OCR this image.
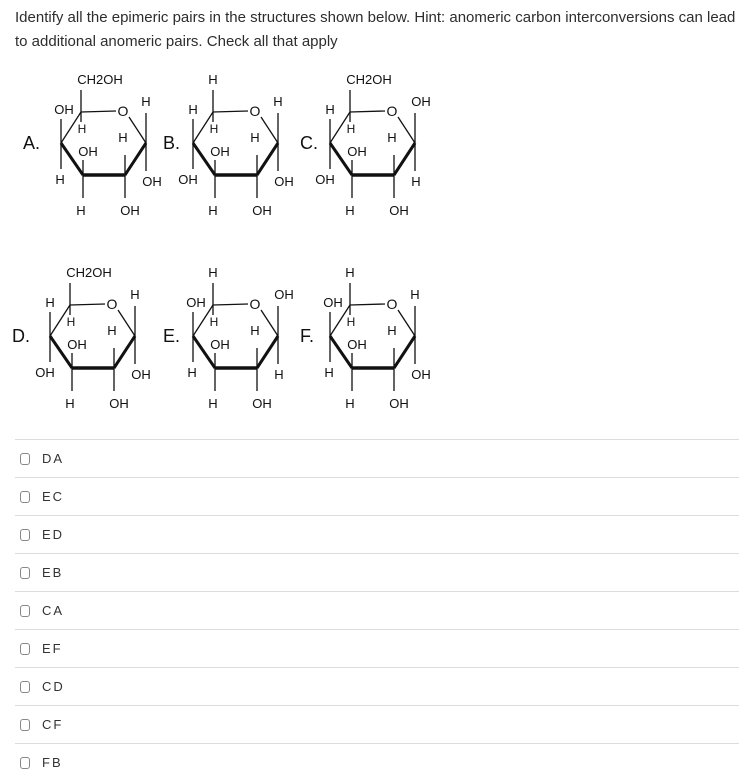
Identify all the epimeric pairs in the structures shown below. Hint: anomeric carbon interconversions can lead to additional anomeric pairs. Check all that apply
O
A.
CH2OH
H
OH
H
OH
H
H
OH
H
OH
O
B.
H
H
H
OH
OH
H
H
OH
H
OH
O
C.
CH2OH
H
H
OH
OH
H
H
OH
OH
H
O
D.
CH2OH
H
H
OH
OH
H
H
OH
H
OH
O
E.
H
H
OH
H
OH
H
H
OH
OH
H
O
F.
H
H
OH
H
OH
H
H
OH
H
OH
DA
EC
ED
EB
CA
EF
CD
CF
FB
